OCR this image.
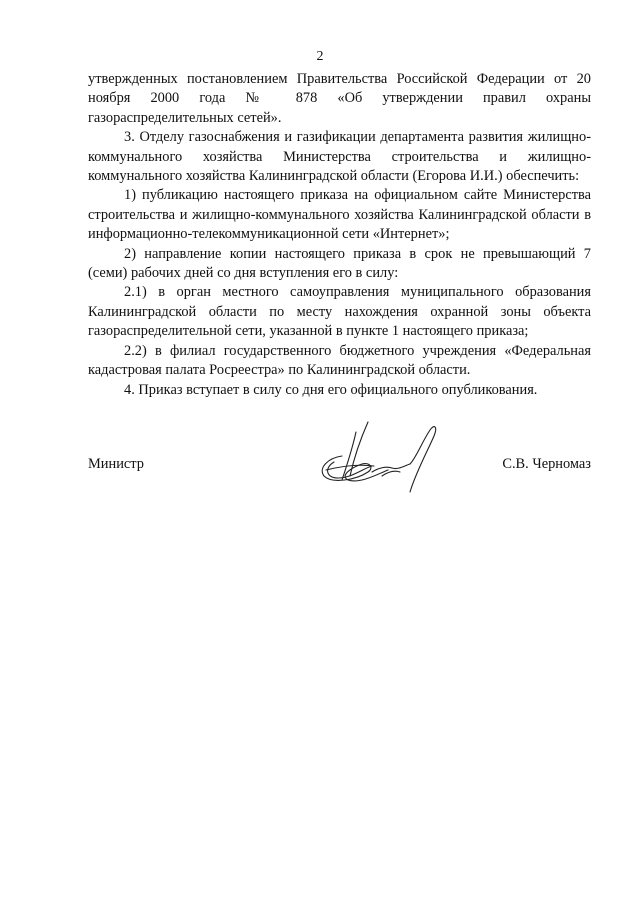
2

утвержденных постановлением Правительства Российской Федерации от 20 ноября 2000 года № 878 «Об утверждении правил охраны газораспределительных сетей».

3. Отделу газоснабжения и газификации департамента развития жилищно-коммунального хозяйства Министерства строительства и жилищно-коммунального хозяйства Калининградской области (Егорова И.И.) обеспечить:

1) публикацию настоящего приказа на официальном сайте Министерства строительства и жилищно-коммунального хозяйства Калининградской области в информационно-телекоммуникационной сети «Интернет»;

2) направление копии настоящего приказа в срок не превышающий 7 (семи) рабочих дней со дня вступления его в силу:

2.1) в орган местного самоуправления муниципального образования Калининградской области по месту нахождения охранной зоны объекта газораспределительной сети, указанной в пункте 1 настоящего приказа;

2.2) в филиал государственного бюджетного учреждения «Федеральная кадастровая палата Росреестра» по Калининградской области.

4. Приказ вступает в силу со дня его официального опубликования.

Министр	С.В. Черномаз
